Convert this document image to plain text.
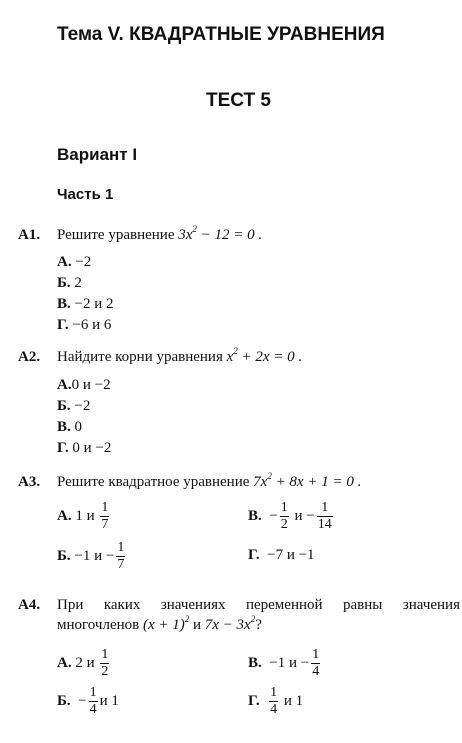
Тема V. КВАДРАТНЫЕ УРАВНЕНИЯ
ТЕСТ 5
Вариант I
Часть 1
А1. Решите уравнение $3x^2 - 12 = 0$ .
А. −2
Б. 2
В. −2 и 2
Г. −6 и 6
А2. Найдите корни уравнения $x^2 + 2x = 0$ .
А.0 и −2
Б. −2
В. 0
Г. 0 и −2
А3. Решите квадратное уравнение $7x^2 + 8x + 1 = 0$ .
А. 1 и $\frac{1}{7}$	В. − $\frac{1}{2}$ $и - \frac{1}{14}$
Б. −1 $и - \frac{1}{7}$	Г. −7 и −1
А4. При каких значениях переменной равны значения
многочленов $(x + 1)^2$ и $7x - 3x^2$?
А. 2 и $\frac{1}{2}$	В. −1 $и - \frac{1}{4}$
Б. − $\frac{1}{4}$ и 1	Г. $\frac{1}{4}$ и 1
